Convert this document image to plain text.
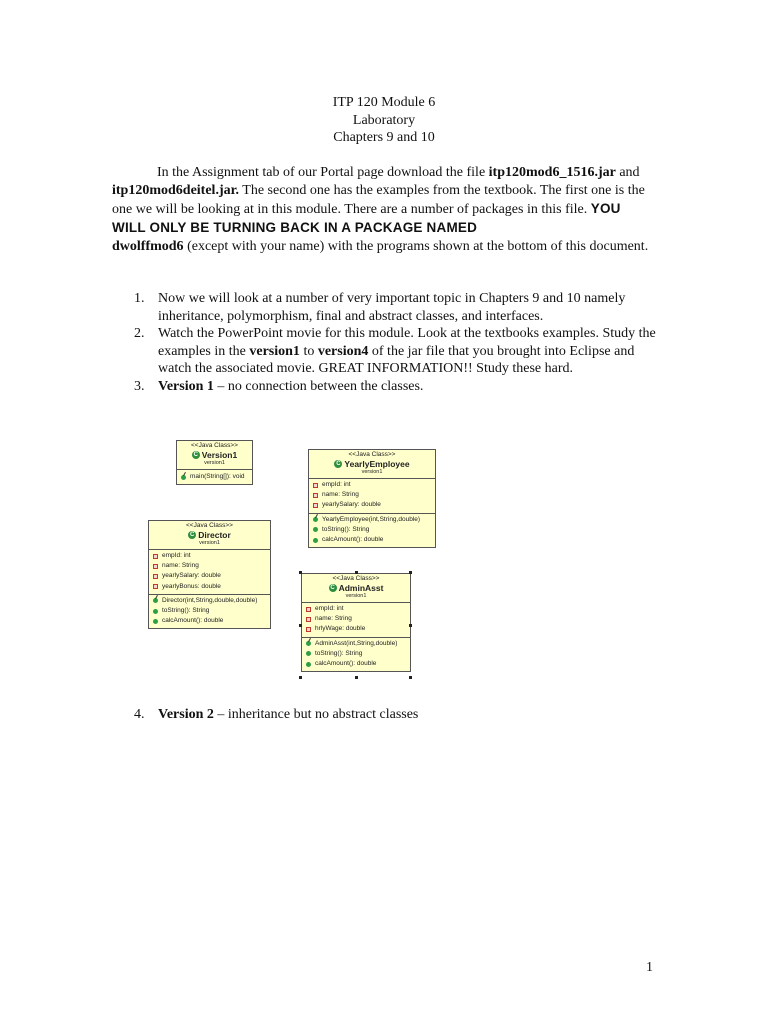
ITP 120 Module 6
Laboratory
Chapters 9 and 10
In the Assignment tab of our Portal page download the file itp120mod6_1516.jar and itp120mod6deitel.jar. The second one has the examples from the textbook. The first one is the one we will be looking at in this module. There are a number of packages in this file. YOU WILL ONLY BE TURNING BACK IN A PACKAGE NAMED
dwolffmod6 (except with your name) with the programs shown at the bottom of this document.
1. Now we will look at a number of very important topic in Chapters 9 and 10 namely inheritance, polymorphism, final and abstract classes, and interfaces.
2. Watch the PowerPoint movie for this module. Look at the textbooks examples. Study the examples in the version1 to version4 of the jar file that you brought into Eclipse and watch the associated movie. GREAT INFORMATION!! Study these hard.
3. Version 1 – no connection between the classes.
<<Java Class>>
C Version1
version1
main(String[]): void
<<Java Class>>
C YearlyEmployee
version1
empId: int
name: String
yearlySalary: double
YearlyEmployee(int,String,double)
toString(): String
calcAmount(): double
<<Java Class>>
C Director
version1
empId: int
name: String
yearlySalary: double
yearlyBonus: double
Director(int,String,double,double)
toString(): String
calcAmount(): double
<<Java Class>>
C AdminAsst
version1
empId: int
name: String
hrlyWage: double
AdminAsst(int,String,double)
toString(): String
calcAmount(): double
4. Version 2 – inheritance but no abstract classes
1
